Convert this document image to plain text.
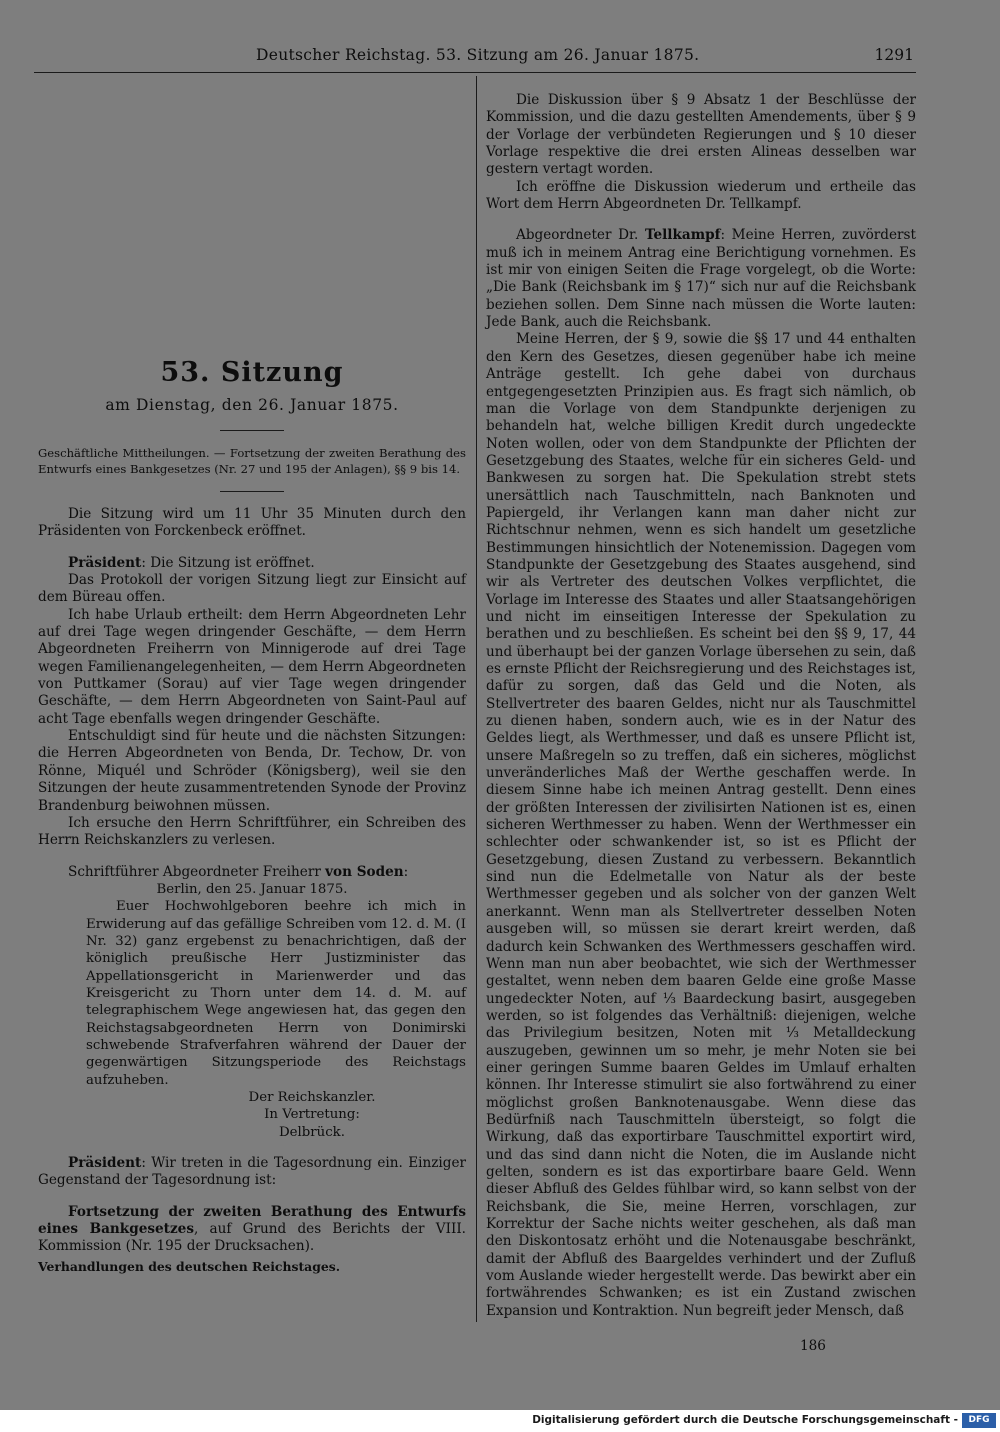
Deutscher Reichstag. 53. Sitzung am 26. Januar 1875.	1291
53. Sitzung
am Dienstag, den 26. Januar 1875.

Geschäftliche Mittheilungen. — Fortsetzung der zweiten Berathung des Entwurfs eines Bankgesetzes (Nr. 27 und 195 der Anlagen), §§ 9 bis 14.

Die Sitzung wird um 11 Uhr 35 Minuten durch den Präsidenten von Forckenbeck eröffnet.

Präsident: Die Sitzung ist eröffnet.

Das Protokoll der vorigen Sitzung liegt zur Einsicht auf dem Büreau offen.

Ich habe Urlaub ertheilt: dem Herrn Abgeordneten Lehr auf drei Tage wegen dringender Geschäfte, — dem Herrn Abgeordneten Freiherrn von Minnigerode auf drei Tage wegen Familienangelegenheiten, — dem Herrn Abgeordneten von Puttkamer (Sorau) auf vier Tage wegen dringender Geschäfte, — dem Herrn Abgeordneten von Saint-Paul auf acht Tage ebenfalls wegen dringender Geschäfte.

Entschuldigt sind für heute und die nächsten Sitzungen: die Herren Abgeordneten von Benda, Dr. Techow, Dr. von Rönne, Miquél und Schröder (Königsberg), weil sie den Sitzungen der heute zusammentretenden Synode der Provinz Brandenburg beiwohnen müssen.

Ich ersuche den Herrn Schriftführer, ein Schreiben des Herrn Reichskanzlers zu verlesen.

Schriftführer Abgeordneter Freiherr von Soden:

Berlin, den 25. Januar 1875.

Euer Hochwohlgeboren beehre ich mich in Erwiderung auf das gefällige Schreiben vom 12. d. M. (I Nr. 32) ganz ergebenst zu benachrichtigen, daß der königlich preußische Herr Justizminister das Appellationsgericht in Marienwerder und das Kreisgericht zu Thorn unter dem 14. d. M. auf telegraphischem Wege angewiesen hat, das gegen den Reichstagsabgeordneten Herrn von Donimirski schwebende Strafverfahren während der Dauer der gegenwärtigen Sitzungsperiode des Reichstags aufzuheben.

Der Reichskanzler.

In Vertretung:

Delbrück.

Präsident: Wir treten in die Tagesordnung ein. Einziger Gegenstand der Tagesordnung ist:

Fortsetzung der zweiten Berathung des Entwurfs eines Bankgesetzes, auf Grund des Berichts der VIII. Kommission (Nr. 195 der Drucksachen).

Verhandlungen des deutschen Reichstages.

Die Diskussion über § 9 Absatz 1 der Beschlüsse der Kommission, und die dazu gestellten Amendements, über § 9 der Vorlage der verbündeten Regierungen und § 10 dieser Vorlage respektive die drei ersten Alineas desselben war gestern vertagt worden.

Ich eröffne die Diskussion wiederum und ertheile das Wort dem Herrn Abgeordneten Dr. Tellkampf.

Abgeordneter Dr. Tellkampf: Meine Herren, zuvörderst muß ich in meinem Antrag eine Berichtigung vornehmen. Es ist mir von einigen Seiten die Frage vorgelegt, ob die Worte: „Die Bank (Reichsbank im § 17)“ sich nur auf die Reichsbank beziehen sollen. Dem Sinne nach müssen die Worte lauten: Jede Bank, auch die Reichsbank.

Meine Herren, der § 9, sowie die §§ 17 und 44 enthalten den Kern des Gesetzes, diesen gegenüber habe ich meine Anträge gestellt. Ich gehe dabei von durchaus entgegengesetzten Prinzipien aus. Es fragt sich nämlich, ob man die Vorlage von dem Standpunkte derjenigen zu behandeln hat, welche billigen Kredit durch ungedeckte Noten wollen, oder von dem Standpunkte der Pflichten der Gesetzgebung des Staates, welche für ein sicheres Geld- und Bankwesen zu sorgen hat. Die Spekulation strebt stets unersättlich nach Tauschmitteln, nach Banknoten und Papiergeld, ihr Verlangen kann man daher nicht zur Richtschnur nehmen, wenn es sich handelt um gesetzliche Bestimmungen hinsichtlich der Notenemission. Dagegen vom Standpunkte der Gesetzgebung des Staates ausgehend, sind wir als Vertreter des deutschen Volkes verpflichtet, die Vorlage im Interesse des Staates und aller Staatsangehörigen und nicht im einseitigen Interesse der Spekulation zu berathen und zu beschließen. Es scheint bei den §§ 9, 17, 44 und überhaupt bei der ganzen Vorlage übersehen zu sein, daß es ernste Pflicht der Reichsregierung und des Reichstages ist, dafür zu sorgen, daß das Geld und die Noten, als Stellvertreter des baaren Geldes, nicht nur als Tauschmittel zu dienen haben, sondern auch, wie es in der Natur des Geldes liegt, als Werthmesser, und daß es unsere Pflicht ist, unsere Maßregeln so zu treffen, daß ein sicheres, möglichst unveränderliches Maß der Werthe geschaffen werde. In diesem Sinne habe ich meinen Antrag gestellt. Denn eines der größten Interessen der zivilisirten Nationen ist es, einen sicheren Werthmesser zu haben. Wenn der Werthmesser ein schlechter oder schwankender ist, so ist es Pflicht der Gesetzgebung, diesen Zustand zu verbessern. Bekanntlich sind nun die Edelmetalle von Natur als der beste Werthmesser gegeben und als solcher von der ganzen Welt anerkannt. Wenn man als Stellvertreter desselben Noten ausgeben will, so müssen sie derart kreirt werden, daß dadurch kein Schwanken des Werthmessers geschaffen wird. Wenn man nun aber beobachtet, wie sich der Werthmesser gestaltet, wenn neben dem baaren Gelde eine große Masse ungedeckter Noten, auf ⅓ Baardeckung basirt, ausgegeben werden, so ist folgendes das Verhältniß: diejenigen, welche das Privilegium besitzen, Noten mit ⅓ Metalldeckung auszugeben, gewinnen um so mehr, je mehr Noten sie bei einer geringen Summe baaren Geldes im Umlauf erhalten können. Ihr Interesse stimulirt sie also fortwährend zu einer möglichst großen Banknotenausgabe. Wenn diese das Bedürfniß nach Tauschmitteln übersteigt, so folgt die Wirkung, daß das exportirbare Tauschmittel exportirt wird, und das sind dann nicht die Noten, die im Auslande nicht gelten, sondern es ist das exportirbare baare Geld. Wenn dieser Abfluß des Geldes fühlbar wird, so kann selbst von der Reichsbank, die Sie, meine Herren, vorschlagen, zur Korrektur der Sache nichts weiter geschehen, als daß man den Diskontosatz erhöht und die Notenausgabe beschränkt, damit der Abfluß des Baargeldes verhindert und der Zufluß vom Auslande wieder hergestellt werde. Das bewirkt aber ein fortwährendes Schwanken; es ist ein Zustand zwischen Expansion und Kontraktion. Nun begreift jeder Mensch, daß

186
Digitalisierung gefördert durch die Deutsche Forschungsgemeinschaft -	DFG
